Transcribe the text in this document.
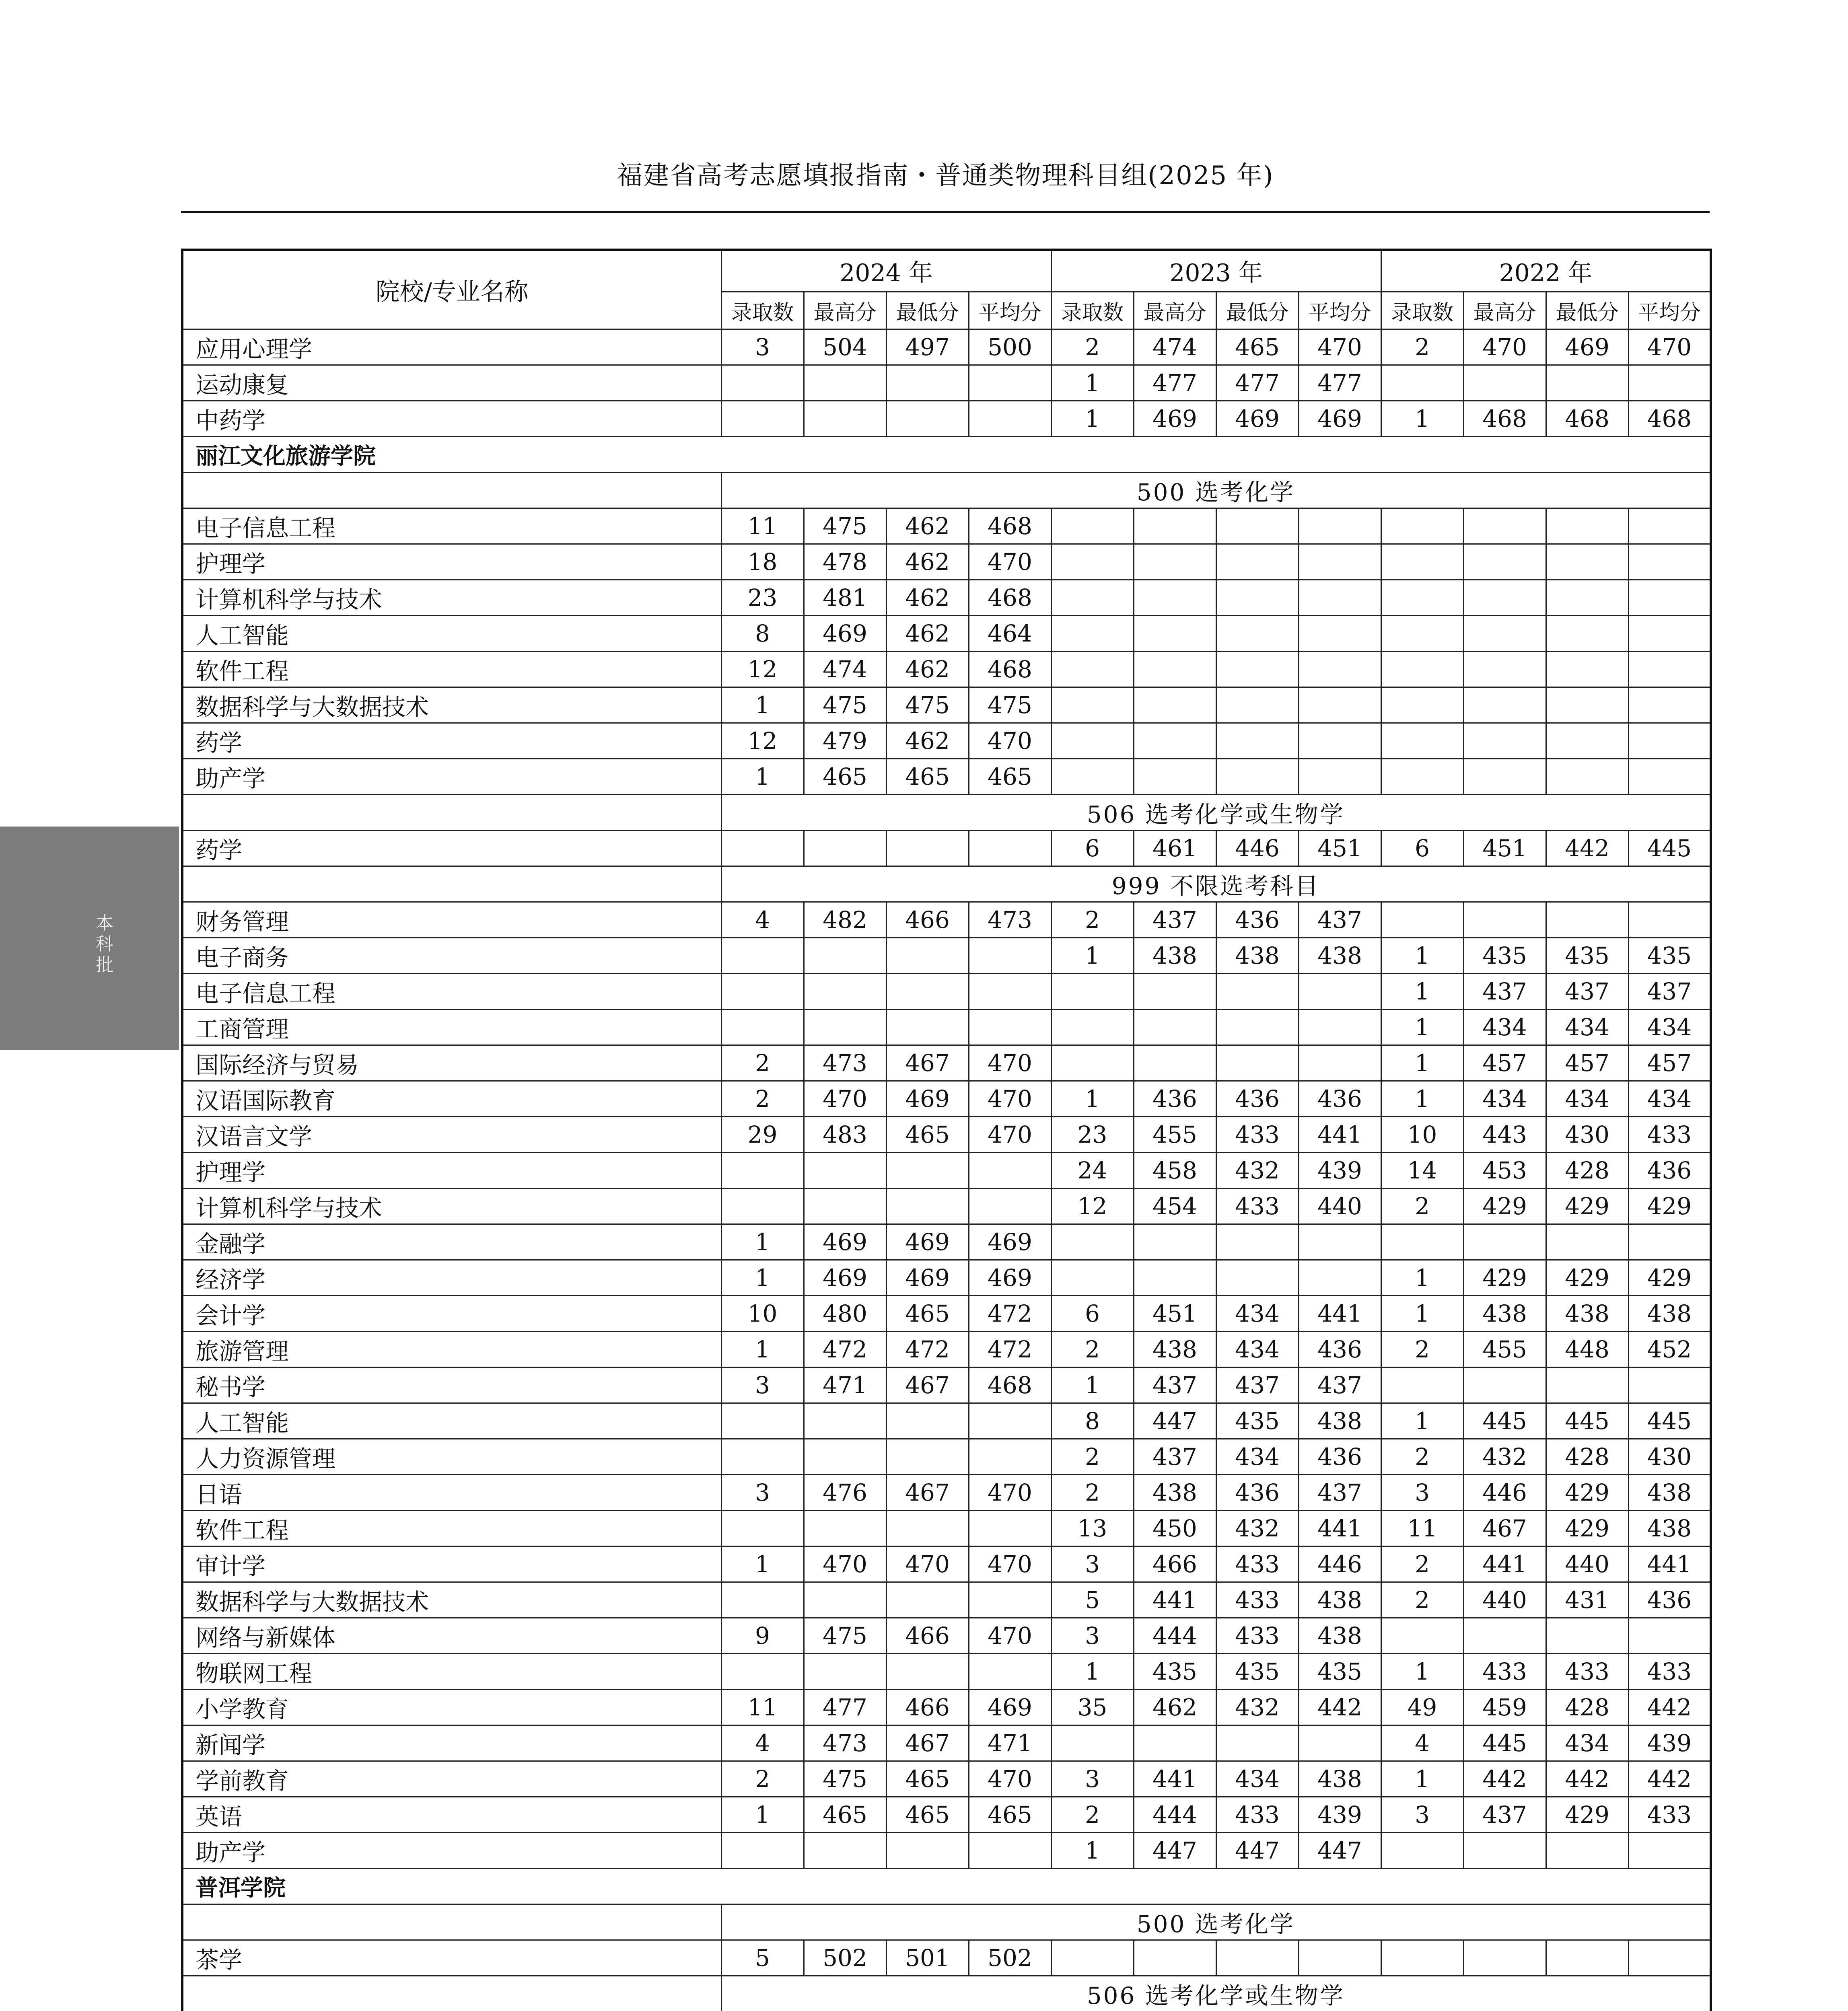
福建省高考志愿填报指南・普通类物理科目组(2025 年)
本
科
批
院校/专业名称	2024 年				2023 年				2022 年			
	录取数	最高分	最低分	平均分	录取数	最高分	最低分	平均分	录取数	最高分	最低分	平均分
应用心理学	3	504	497	500	2	474	465	470	2	470	469	470
运动康复					1	477	477	477				
中药学					1	469	469	469	1	468	468	468
丽江文化旅游学院												
	500 选考化学											
电子信息工程	11	475	462	468								
护理学	18	478	462	470								
计算机科学与技术	23	481	462	468								
人工智能	8	469	462	464								
软件工程	12	474	462	468								
数据科学与大数据技术	1	475	475	475								
药学	12	479	462	470								
助产学	1	465	465	465								
	506 选考化学或生物学											
药学					6	461	446	451	6	451	442	445
	999 不限选考科目											
财务管理	4	482	466	473	2	437	436	437				
电子商务					1	438	438	438	1	435	435	435
电子信息工程									1	437	437	437
工商管理									1	434	434	434
国际经济与贸易	2	473	467	470					1	457	457	457
汉语国际教育	2	470	469	470	1	436	436	436	1	434	434	434
汉语言文学	29	483	465	470	23	455	433	441	10	443	430	433
护理学					24	458	432	439	14	453	428	436
计算机科学与技术					12	454	433	440	2	429	429	429
金融学	1	469	469	469								
经济学	1	469	469	469					1	429	429	429
会计学	10	480	465	472	6	451	434	441	1	438	438	438
旅游管理	1	472	472	472	2	438	434	436	2	455	448	452
秘书学	3	471	467	468	1	437	437	437				
人工智能					8	447	435	438	1	445	445	445
人力资源管理					2	437	434	436	2	432	428	430
日语	3	476	467	470	2	438	436	437	3	446	429	438
软件工程					13	450	432	441	11	467	429	438
审计学	1	470	470	470	3	466	433	446	2	441	440	441
数据科学与大数据技术					5	441	433	438	2	440	431	436
网络与新媒体	9	475	466	470	3	444	433	438				
物联网工程					1	435	435	435	1	433	433	433
小学教育	11	477	466	469	35	462	432	442	49	459	428	442
新闻学	4	473	467	471					4	445	434	439
学前教育	2	475	465	470	3	441	434	438	1	442	442	442
英语	1	465	465	465	2	444	433	439	3	437	429	433
助产学					1	447	447	447				
普洱学院												
	500 选考化学											
茶学	5	502	501	502								
	506 选考化学或生物学											
